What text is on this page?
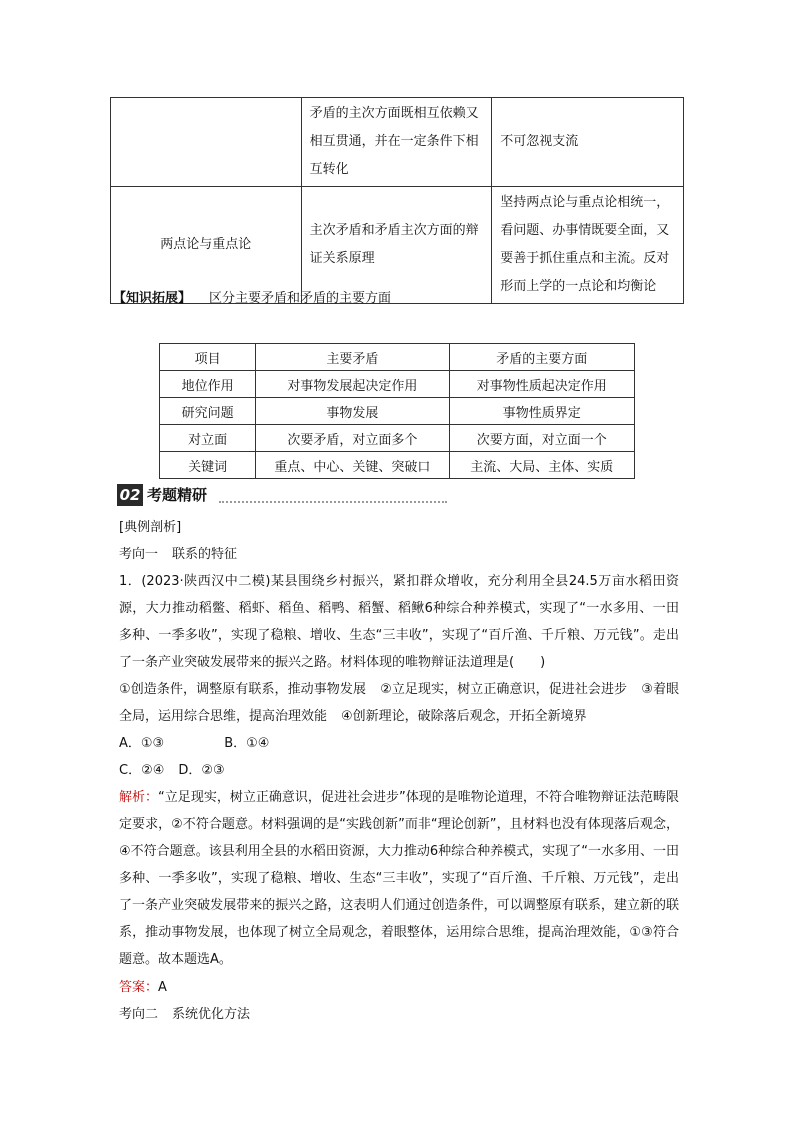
	矛盾的主次方面既相互依赖又相互贯通，并在一定条件下相互转化	不可忽视支流
两点论与重点论	主次矛盾和矛盾主次方面的辩证关系原理	坚持两点论与重点论相统一，看问题、办事情既要全面，又要善于抓住重点和主流。反对形而上学的一点论和均衡论
【知识拓展】 区分主要矛盾和矛盾的主要方面
项目	主要矛盾	矛盾的主要方面
地位作用	对事物发展起决定作用	对事物性质起决定作用
研究问题	事物发展	事物性质界定
对立面	次要矛盾，对立面多个	次要方面，对立面一个
关键词	重点、中心、关键、突破口	主流、大局、主体、实质
02 考题精研

[典例剖析]

考向一 联系的特征

1．(2023·陕西汉中二模)某县围绕乡村振兴，紧扣群众增收，充分利用全县24.5万亩水稻田资源，大力推动稻鳖、稻虾、稻鱼、稻鸭、稻蟹、稻鳅6种综合种养模式，实现了“一水多用、一田多种、一季多收”，实现了稳粮、增收、生态“三丰收”，实现了“百斤渔、千斤粮、万元钱”。走出了一条产业突破发展带来的振兴之路。材料体现的唯物辩证法道理是(　　)

①创造条件，调整原有联系，推动事物发展 ②立足现实，树立正确意识，促进社会进步 ③着眼全局，运用综合思维，提高治理效能 ④创新理论，破除落后观念，开拓全新境界

A．①③	B．①④

C．②④ D．②③

解析：“立足现实，树立正确意识，促进社会进步”体现的是唯物论道理，不符合唯物辩证法范畴限定要求，②不符合题意。材料强调的是“实践创新”而非“理论创新”，且材料也没有体现落后观念，④不符合题意。该县利用全县的水稻田资源，大力推动6种综合种养模式，实现了“一水多用、一田多种、一季多收”，实现了稳粮、增收、生态“三丰收”，实现了“百斤渔、千斤粮、万元钱”，走出了一条产业突破发展带来的振兴之路，这表明人们通过创造条件，可以调整原有联系，建立新的联系，推动事物发展，也体现了树立全局观念，着眼整体，运用综合思维，提高治理效能，①③符合题意。故本题选A。

答案：A

考向二 系统优化方法
